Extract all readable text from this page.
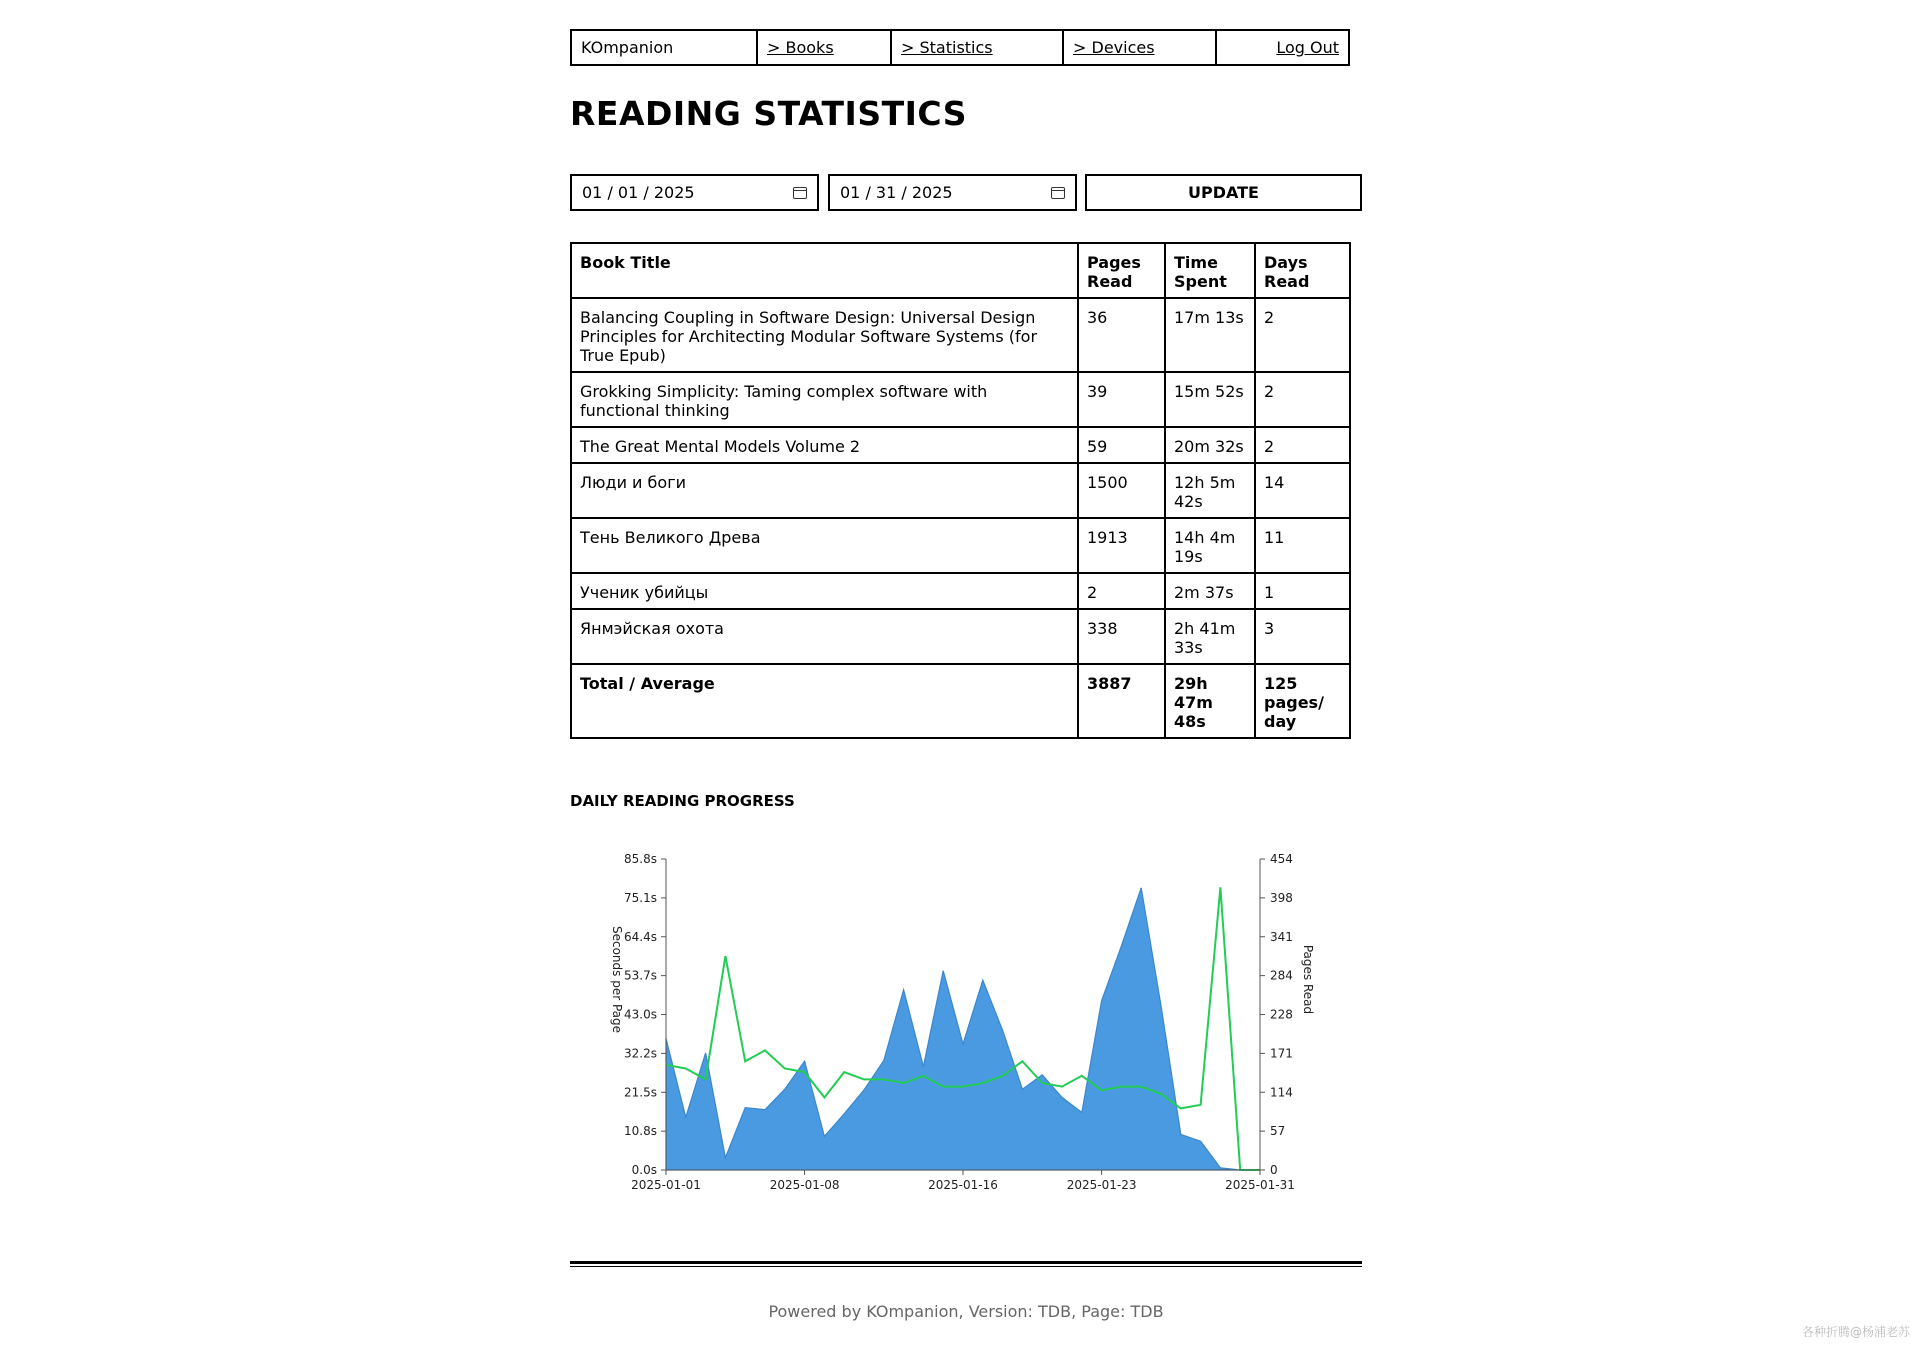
KOmpanion	> Books	> Statistics	> Devices	Log Out
READING STATISTICS
01 / 01 / 2025	01 / 31 / 2025	UPDATE
Book Title	Pages Read	Time Spent	Days Read
Balancing Coupling in Software Design: Universal Design Principles for Architecting Modular Software Systems (for True Epub)	36	17m 13s	2
Grokking Simplicity: Taming complex software with functional thinking	39	15m 52s	2
The Great Mental Models Volume 2	59	20m 32s	2
Люди и боги	1500	12h 5m 42s	14
Тень Великого Древа	1913	14h 4m 19s	11
Ученик убийцы	2	2m 37s	1
Янмэйская охота	338	2h 41m 33s	3
Total / Average	3887	29h 47m 48s	125 pages/ day
DAILY READING PROGRESS
0.0s
10.8s
21.5s
32.2s
43.0s
53.7s
64.4s
75.1s
85.8s
0
57
114
171
228
284
341
398
454
2025-01-01	2025-01-08	2025-01-16	2025-01-23	2025-01-31
Seconds per Page	Pages Read
Powered by KOmpanion, Version: TDB, Page: TDB
各种折腾@杨浦老苏
